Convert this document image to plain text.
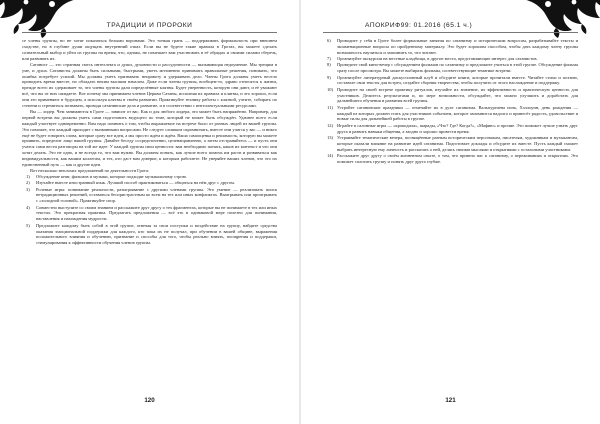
ТРАДИЦИИ И ПРОРОКИ

се члены группы, но не хотят показаться белыми воронами. Это тонкая грань — поддерживать формальность при внешнем сходстве, но в глубине души ощущать внутренний отказ. Если вы не будете такие правила в Гротах, вы можете сделать сознательный выбор и уйти из группы на время, что, однако, не помешает вам участвовать в её обрядах и своими силами сберечь, или развивать их.

Сатанист — это странная смесь интеллекта и души, духовности и рассудочности — вызывающая недоумение. Мы трещим в уме, и душа. Сатанисты должны быть сильными, быстрыми, уметь мгновенно принимать правильные решения, понимать, что ошибка потребует усилий. Мы должны уметь признавать неправоту и удерживать дело. Члены Грота должны уметь весело проводить время вместе, но обладать неким высшим началом. Даже если члены группы, вообщем-то, здраво относятся к жизни, прежде всего их сдерживает то, что члены группы дали определённые клятвы. Будет уверенность, которую они дают, и её уважают всё, что вы от них ожидаете. Вот почему мы принимаем членов Церкви Сатаны, исполняя их правила и клятвы, и это хорошо, если они это применяют в будущем, а используя клятвы в своём развитии. Практикуйте технику работы с клятвой, учтите, собирать по степени и стремиться познавать, проводя сатанинские дела и развитие, и в соответствии с интеллектуальными ресурсами.

Вы — лидер. Чем занимаются в Гроте — зависит от вас. Как и для любого лидера, это может быть напряжённо. Например, для первой встречи вы должны уметь сами подготовить ведущего по теме, который не может быть обсуждён. Удачнее всего если каждый участвует одновременно. Вам надо помнить о том, чтобы выражаемое на встрече было от разных людей из вашей группы. Это поможет, что каждый приходит с вызванными вопросами. Не следует слишком скромничать, вместе они учатся у вас — и никто ещё не будет говорить слова, которые сразу все идеи, а мы просто ждём и ждём. Ваша самооценка и решимость, которую вы можете проявить, определит лицо вашей группы. Давайте беседу сосредоточенно, целенаправленно, а затем отстраняйтесь — и пусть они учатся сами вести разговоры на той же идее. У каждой группы свои ценности: вам необходимо понять, каков их контекст и что они хотят делать. Это не одно, и не всегда то, что вам нужно. Вы должны понять, как лучше всего помочь им расти и развиваться как индивидуальности, как вашим коллегам, и тех, кто даст вам доверие, к которым работаете. Не уверяйте ваших членов, что это их единственный путь — как и другие идеи.

Вот несколько неплохих предложений по деятельности Грота:

1)	Обсуждение книг, фильмов и музыки, которые подходят музыкальному строю.
2)	Изучайте вместе иностранный язык. Лучший способ практиковаться — общаться на нём друг с другом.
3)	Ролевые игры: понимание реальности, разыгрывание с другими членами группы. Это умение — реализовать поиск нетрадиционных решений, оставаться беспристрастным ко всем на тех или иных конфликтах. Выигрывать или проигрывать с «холодной головой». Практикуйте спор.
4)	Совместно выступите со своим знанием и расскажите друг другу о тех фрагментах, которые вы не понимаете в тех или иных текстах. Это прекрасная практика. Предлагать предложения — всё это в одинаковой мере полезно для понимания, наставления и нахождения мудрости.
5)	Предложите каждому быть собой в этой группе, отвечая за свои поступки и воздействие на группу, найдите средства оказания эмоциональной поддержки для каждого, кто пока их не получал, при обучении в вашей общине, выражения положительного влияния и обучению, признание и способы для того, чтобы реально влиять, поощрения и поддержки, стимулирования к эффективности обучения членов группы.
120
АПОКРИФ99: 01.2016 (65.1 ч.)
6)	Проводите у себя в Гроте более формальные занятия по сатанизму и историческим вопросам, разрабатывайте тексты и экзаменационные вопросы по пройденному материалу. Это будет хорошим способом, чтобы дать каждому члену группы возможность научиться и запомнить то, что читают.
7)	Организуйте экскурсии на местные кладбища, в другие места, представляющие интерес для сатанистов.
8)	Проведите свой кино-вечер с обсуждением фильмов по сатанизму и предложите учиться в этой группе. Обсуждение фильма сразу после просмотра. Вы можете выбирать фильмы, соответствующие тематике встречи.
9)	Организуйте литературный дискуссионный клуб и обсудите книги, которые прочитали вместе. Читайте стихи и поэзию, составьте свои тексты для встреч, создайте сборник творчества, чтобы получить от этого наслаждение и поддержку.
10) Проводите на своей встрече практику ритуалов, изучайте их значение, их эффективность и практическую ценность для участников. Делитесь результатами и, по мере возможности, обсуждайте, что можно улучшить и доработать для дальнейшего обучения и развития всей группы.
11) Устройте сатанинские праздники — отмечайте их в духе сатанизма. Вальпургиева ночь, Хэллоуин, день рождения — каждый из которых должен стать для участников событием, которое запомнится надолго и принесёт радость, удовольствие и новые силы для дальнейшей работы в группе.
12) Играйте в салонные игры — «крокодила», шарады, «Что? Где? Когда?», «Мафию» и прочие. Это поможет лучше узнать друг друга и развить навыки общения, а заодно и хорошо провести время.
13) Устраивайте тематические вечера, посвящённые разным историческим персонажам, писателям, художникам и музыкантам, которые оказали влияние на развитие идей сатанизма. Подготовьте доклады и обсудите их вместе. Пусть каждый сможет выбрать интересную ему личность и рассказать о ней, делясь своими мыслями и открытиями с остальными участниками.
14) Расскажите друг другу о своём жизненном опыте, о том, что привело вас к сатанизму, о переживаниях и открытиях. Это поможет сплотить группу и понять друг друга глубже.
121
